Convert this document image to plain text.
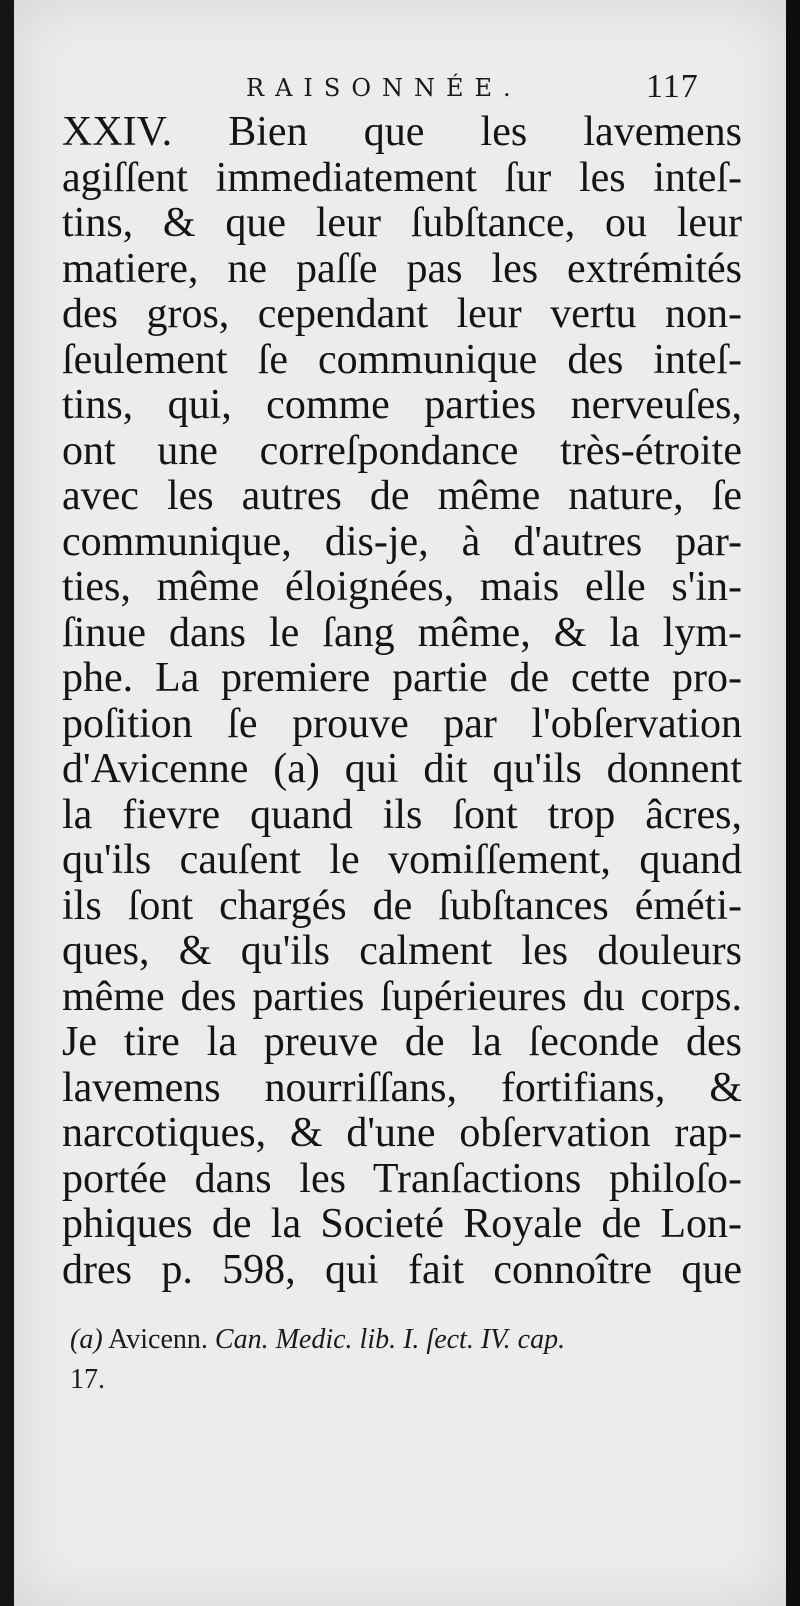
RAISONNÉE.	117
XXIV. Bien que les lavemens
agiſſent immediatement ſur les inteſ-
tins, & que leur ſubſtance, ou leur
matiere, ne paſſe pas les extrémités
des gros, cependant leur vertu non-
ſeulement ſe communique des inteſ-
tins, qui, comme parties nerveuſes,
ont une correſpondance très-étroite
avec les autres de même nature, ſe
communique, dis-je, à d'autres par-
ties, même éloignées, mais elle s'in-
ſinue dans le ſang même, & la lym-
phe. La premiere partie de cette pro-
poſition ſe prouve par l'obſervation
d'Avicenne (a) qui dit qu'ils donnent
la fievre quand ils ſont trop âcres,
qu'ils cauſent le vomiſſement, quand
ils ſont chargés de ſubſtances éméti-
ques, & qu'ils calment les douleurs
même des parties ſupérieures du corps.
Je tire la preuve de la ſeconde des
lavemens nourriſſans, fortifians, &
narcotiques, & d'une obſervation rap-
portée dans les Tranſactions philoſo-
phiques de la Societé Royale de Lon-
dres p. 598, qui fait connoître que
(a) Avicenn. Can. Medic. lib. I. ſect. IV. cap.
17.
